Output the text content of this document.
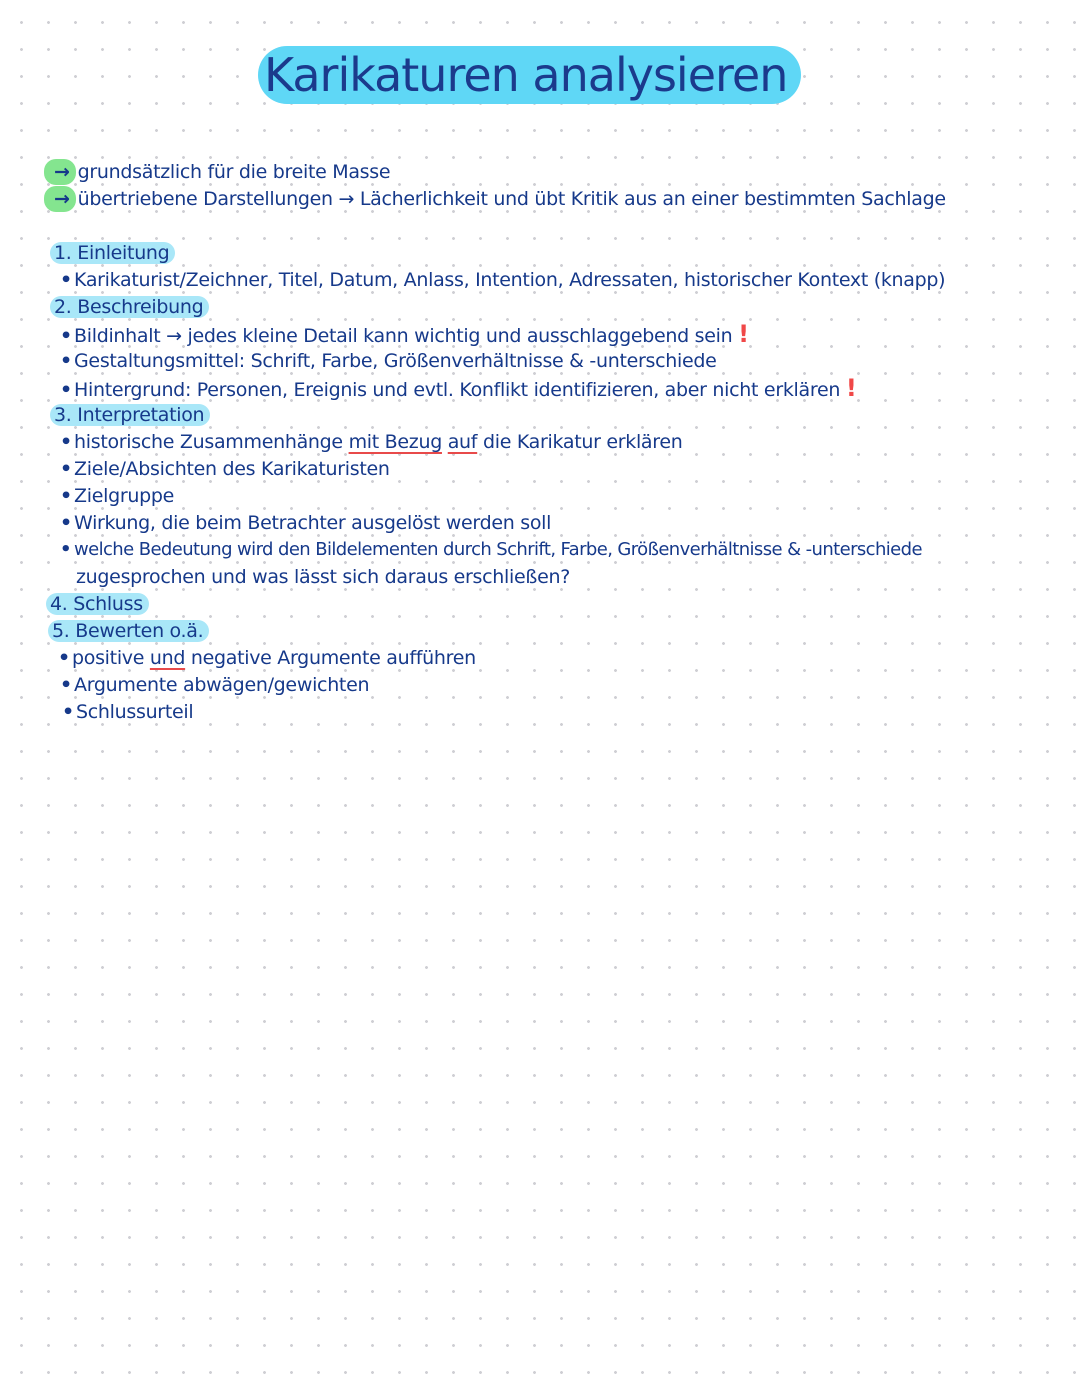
Karikaturen analysieren
→ grundsätzlich für die breite Masse
→ übertriebene Darstellungen → Lächerlichkeit und übt Kritik aus an einer bestimmten Sachlage
1. Einleitung
• Karikaturist/Zeichner, Titel, Datum, Anlass, Intention, Adressaten, historischer Kontext (knapp)
2. Beschreibung
• Bildinhalt → jedes kleine Detail kann wichtig und ausschlaggebend sein !
• Gestaltungsmittel: Schrift, Farbe, Größenverhältnisse & -unterschiede
• Hintergrund: Personen, Ereignis und evtl. Konflikt identifizieren, aber nicht erklären !
3. Interpretation
• historische Zusammenhänge mit Bezug auf die Karikatur erklären
• Ziele/Absichten des Karikaturisten
• Zielgruppe
• Wirkung, die beim Betrachter ausgelöst werden soll
• welche Bedeutung wird den Bildelementen durch Schrift, Farbe, Größenverhältnisse & -unterschiede
zugesprochen und was lässt sich daraus erschließen?
4. Schluss
5. Bewerten o.ä.
• positive und negative Argumente aufführen
• Argumente abwägen/gewichten
• Schlussurteil
